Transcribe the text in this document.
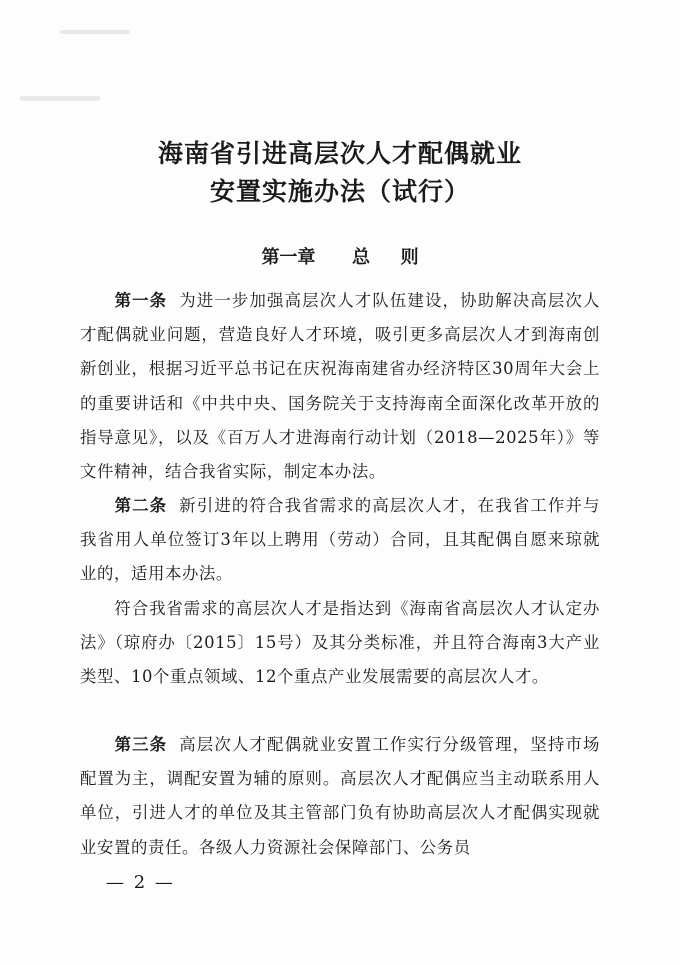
海南省引进高层次人才配偶就业
安置实施办法（试行）
第一章 总 则
第一条 为进一步加强高层次人才队伍建设，协助解决高层次人才配偶就业问题，营造良好人才环境，吸引更多高层次人才到海南创新创业，根据习近平总书记在庆祝海南建省办经济特区30周年大会上的重要讲话和《中共中央、国务院关于支持海南全面深化改革开放的指导意见》，以及《百万人才进海南行动计划（2018—2025年）》等文件精神，结合我省实际，制定本办法。
第二条 新引进的符合我省需求的高层次人才，在我省工作并与我省用人单位签订3年以上聘用（劳动）合同，且其配偶自愿来琼就业的，适用本办法。
符合我省需求的高层次人才是指达到《海南省高层次人才认定办法》（琼府办〔2015〕15号）及其分类标准，并且符合海南3大产业类型、10个重点领域、12个重点产业发展需要的高层次人才。
第三条 高层次人才配偶就业安置工作实行分级管理，坚持市场配置为主，调配安置为辅的原则。高层次人才配偶应当主动联系用人单位，引进人才的单位及其主管部门负有协助高层次人才配偶实现就业安置的责任。各级人力资源社会保障部门、公务员
— 2 —
